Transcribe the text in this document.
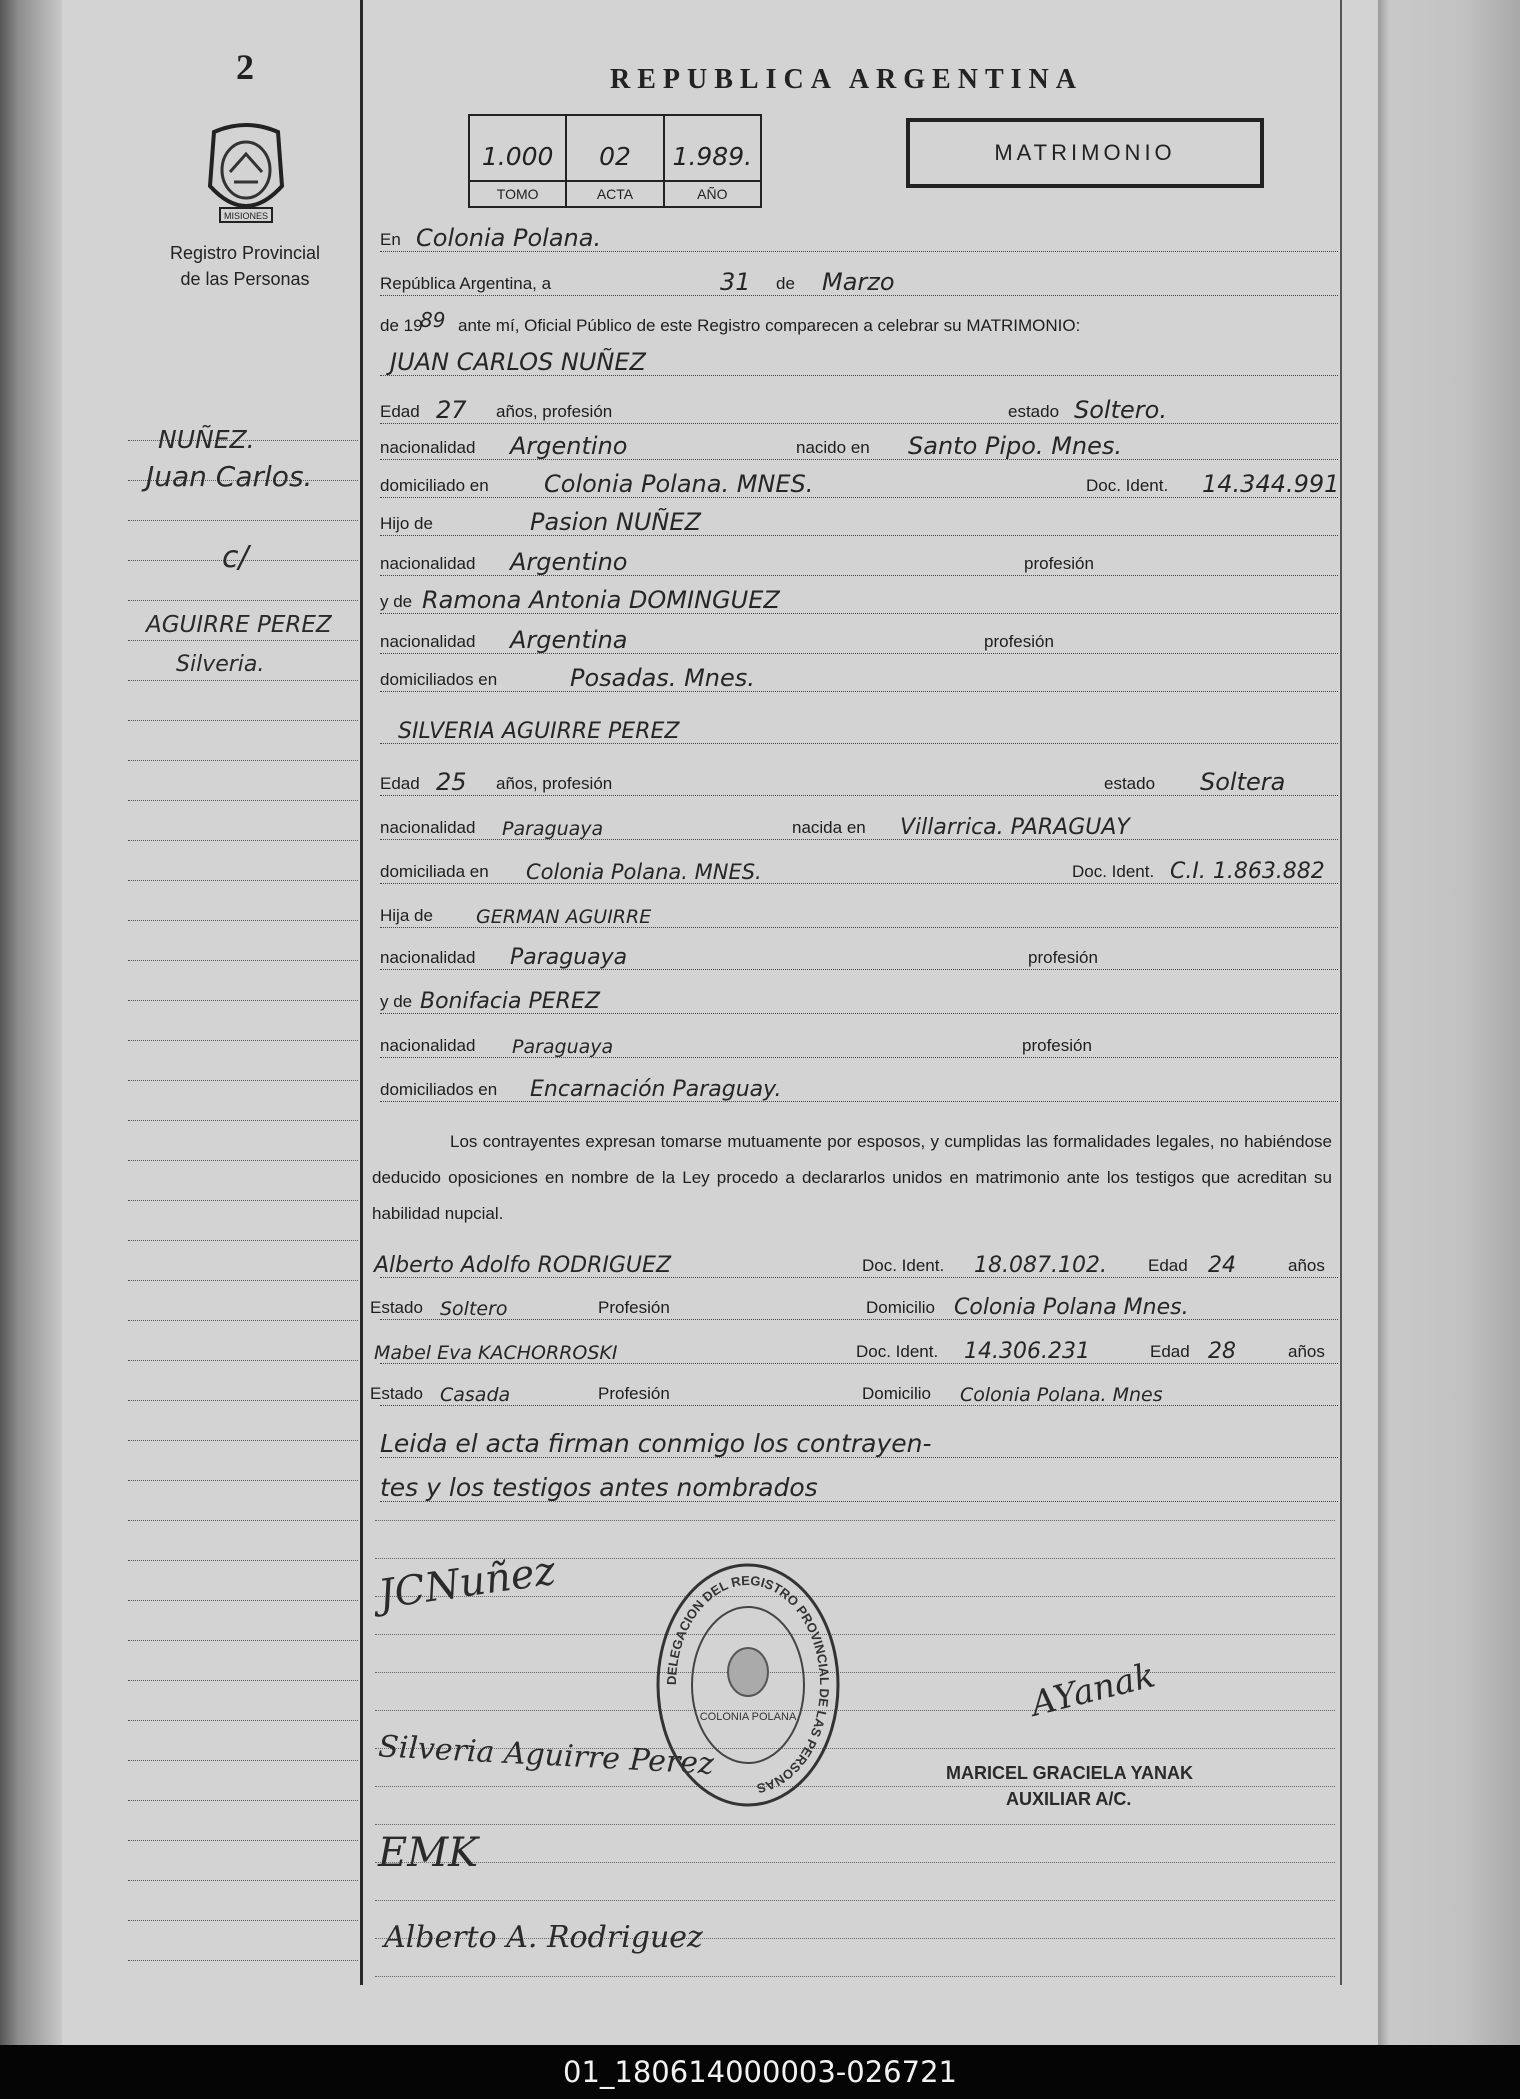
2
MISIONES
Registro Provincial
de las Personas
NUÑEZ.
Juan Carlos.
c/
AGUIRRE PEREZ
Silveria.
REPUBLICA ARGENTINA
1.000
TOMO
02
ACTA
1.989.
AÑO
MATRIMONIO
En Colonia Polana.
República Argentina, a	31 de Marzo
de 19
89 ante mí, Oficial Público de este Registro comparecen a celebrar su MATRIMONIO:
JUAN CARLOS NUÑEZ
Edad 27 años, profesión	estado Soltero.
nacionalidad Argentino	nacido en Santo Pipo. Mnes.
domiciliado en Colonia Polana. MNES.	Doc. Ident. 14.344.991
Hijo de	Pasion NUÑEZ
nacionalidad Argentino	profesión
y de Ramona Antonia DOMINGUEZ
nacionalidad Argentina	profesión
domiciliados en	Posadas. Mnes.
SILVERIA AGUIRRE PEREZ
Edad 25 años, profesión	estado Soltera
nacionalidad Paraguaya	nacida en Villarrica. PARAGUAY
domiciliada en Colonia Polana. MNES.	Doc. Ident. C.I. 1.863.882
Hija de GERMAN AGUIRRE
nacionalidad Paraguaya	profesión
y de Bonifacia PEREZ
nacionalidad Paraguaya	profesión
domiciliados en Encarnación Paraguay.
Los contrayentes expresan tomarse mutuamente por esposos, y cumplidas las formalidades legales, no habiéndose deducido oposiciones en nombre de la Ley procedo a declararlos unidos en matrimonio ante los testigos que acreditan su habilidad nupcial.
Alberto Adolfo RODRIGUEZ	Doc. Ident. 18.087.102. Edad 24	años
Estado Soltero	Profesión	Domicilio Colonia Polana Mnes.
Mabel Eva KACHORROSKI	Doc. Ident. 14.306.231	Edad 28	años
Estado Casada	Profesión	Domicilio Colonia Polana. Mnes
Leida el acta firman conmigo los contrayen-
tes y los testigos antes nombrados
JCNuñez
Silveria Aguirre Perez
EMK
Alberto A. Rodriguez
AYanak
DELEGACION DEL REGISTRO PROVINCIAL DE LAS PERSONAS
COLONIA POLANA
MARICEL GRACIELA YANAK
AUXILIAR A/C.
01_180614000003-026721
